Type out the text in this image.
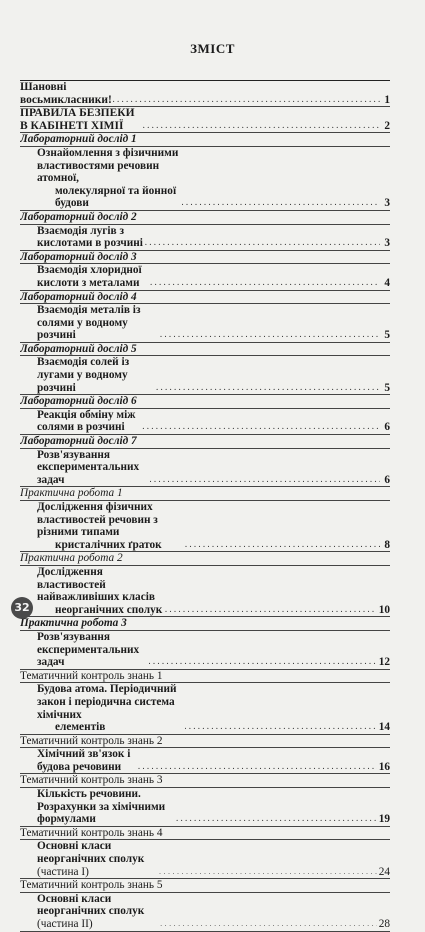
ЗМІСТ
Шановні восьмикласники! . . .	1
ПРАВИЛА БЕЗПЕКИ В КАБІНЕТІ ХІМІЇ . . .	2
Лабораторний дослід 1
Ознайомлення з фізичними властивостями речовин атомної,
молекулярної та йонної будови . . .	3
Лабораторний дослід 2
Взаємодія лугів з кислотами в розчині . . .	3
Лабораторний дослід 3
Взаємодія хлоридної кислоти з металами . . .	4
Лабораторний дослід 4
Взаємодія металів із солями у водному розчині . . .	5
Лабораторний дослід 5
Взаємодія солей із лугами у водному розчині . . .	5
Лабораторний дослід 6
Реакція обміну між солями в розчині . . .	6
Лабораторний дослід 7
Розв'язування експериментальних задач . . .	6
Практична робота 1
Дослідження фізичних властивостей речовин з різними типами
кристалічних ґраток . . .	8
Практична робота 2
Дослідження властивостей найважливіших класів
неорганічних сполук . . .	10
Практична робота 3
Розв'язування експериментальних задач . . .	12
Тематичний контроль знань 1
Будова атома. Періодичний закон і періодична система хімічних
елементів . . .	14
Тематичний контроль знань 2
Хімічний зв'язок і будова речовини . . .	16
Тематичний контроль знань 3
Кількість речовини. Розрахунки за хімічними формулами . . .	19
Тематичний контроль знань 4
Основні класи неорганічних сполук (частина I) . . .	24
Тематичний контроль знань 5
Основні класи неорганічних сполук (частина II) . . .	28
32
